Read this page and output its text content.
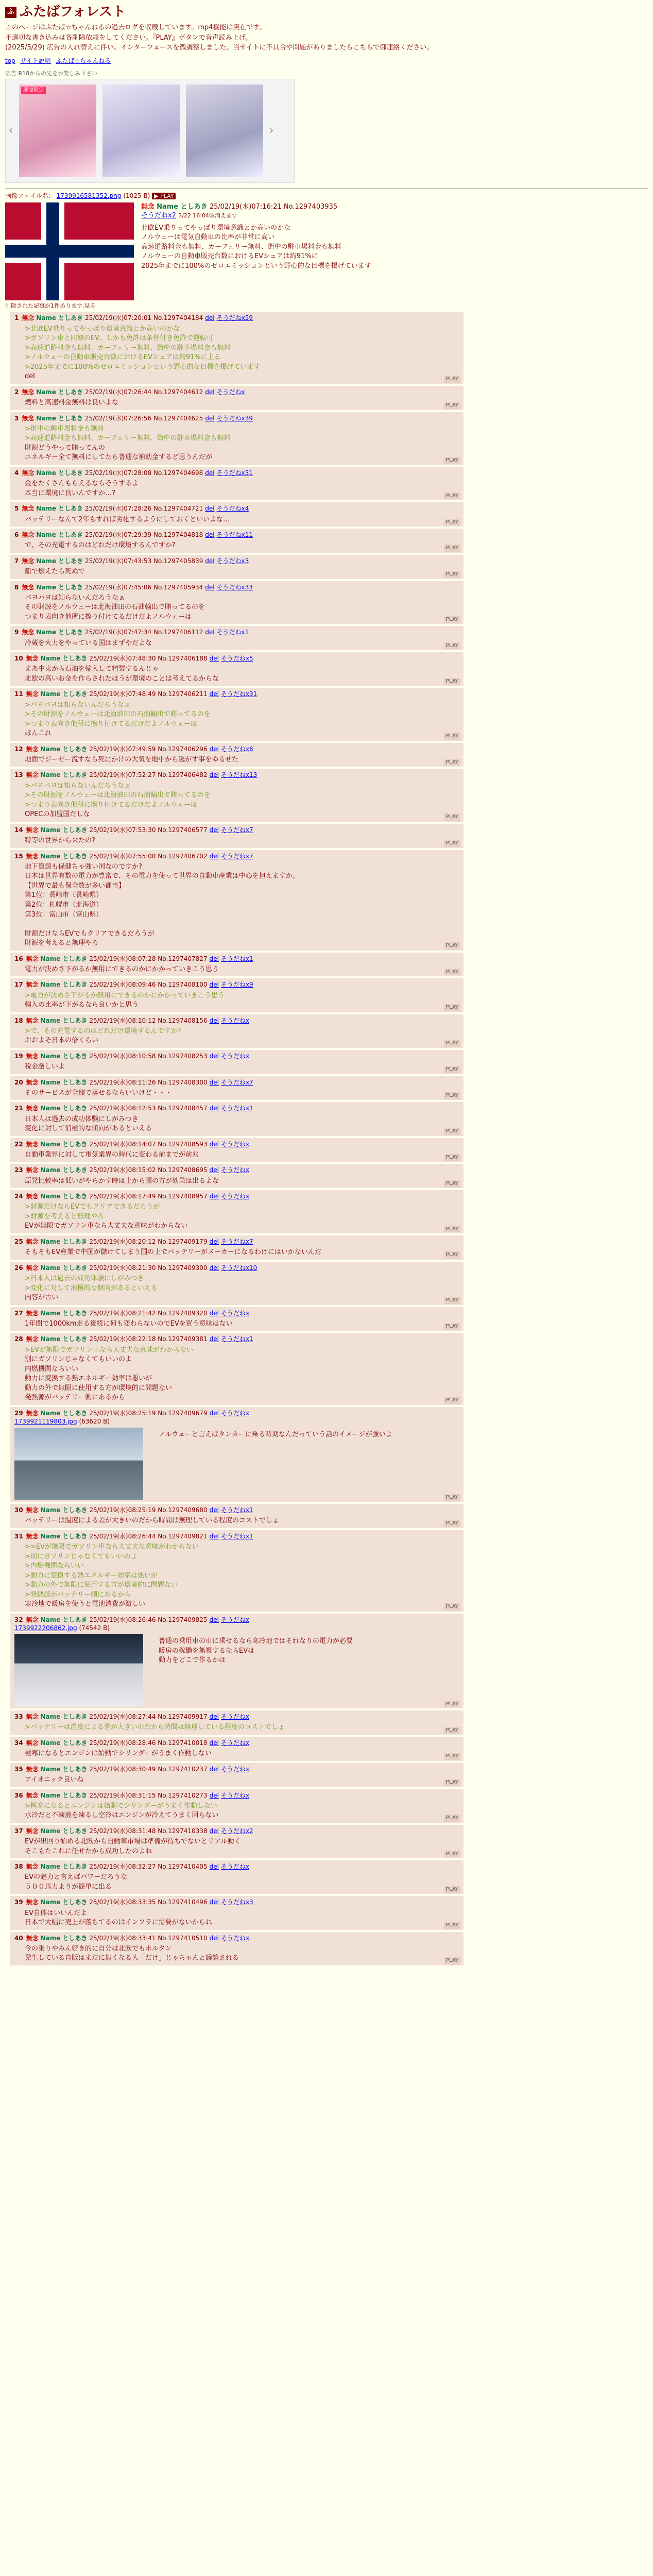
ふ ふたばフォレスト

このページはふたば☆ちゃんねるの過去ログを収蔵しています。mp4機能は実在です。

不適切な書き込みは各削除依頼をしてください。『PLAY』ボタンで音声読み上げ。

(2025/5/29) 広告の入れ替えに伴い、インターフェースを微調整しました。当サイトに不具合や問題がありましたらこちらで御連絡ください。

top サイト説明 ふたば☆ちゃんねる
広告 R18からの先をお楽しみ下さい
‹
期間限定
›
画像ファイル名： 1739916581352.png (1025 B) ▶ PLAY
無念 Name としあき 25/02/19(水)07:16:21 No.1297403935
そうだねx2 3/22 16:04頃消えます
北欧EV乗りってやっぱり環境意識とか高いのかな
ノルウェーは電気自動車の比率が非常に高い
高速道路料金も無料、カーフェリー無料、街中の駐車場料金も無料
ノルウェーの自動車販売台数におけるEVシェアは約91%に
2025年までに100%のゼロエミッションという野心的な目標を掲げています
削除された記事が1件あります.見る
1 無念 Name としあき 25/02/19(水)07:20:01 No.1297404184 del そうだねx59
>北欧EV乗りってやっぱり環境意識とか高いのかな
>ガソリン車と同額のEV、しかも免許は条件付き免許で運転可
>高速道路料金も無料、カーフェリー無料、街中の駐車場料金も無料
>ノルウェーの自動車販売台数におけるEVシェアは約91%に上る
>2025年までに100%のゼロエミッションという野心的な目標を掲げています
del	PLAY
2 無念 Name としあき 25/02/19(水)07:26:44 No.1297404612 del そうだねx
燃料と高速料金無料は良いよな	PLAY
3 無念 Name としあき 25/02/19(水)07:26:56 No.1297404625 del そうだねx39
>街中の駐車場料金も無料
>高速道路料金も無料、カーフェリー無料、街中の駐車場料金も無料
財源どうやって賄ってんの
エネルギー全て無料にしてたら普通な補助金するど思うんだが	PLAY
4 無念 Name としあき 25/02/19(水)07:28:08 No.1297404698 del そうだねx31
金をたくさんもらえるならそうするよ
本当に環境に良いんですか…?	PLAY
5 無念 Name としあき 25/02/19(水)07:28:26 No.1297404721 del そうだねx4
バッテリーなんて2年もすれば劣化するようにしておくといいよな…	PLAY
6 無念 Name としあき 25/02/19(水)07:29:39 No.1297404818 del そうだねx11
で、その充電するのはどれだけ環境するんですか?	PLAY
7 無念 Name としあき 25/02/19(水)07:43:53 No.1297405839 del そうだねx3
船で燃えたら死ぬで	PLAY
8 無念 Name としあき 25/02/19(水)07:45:06 No.1297405934 del そうだねx33
パヨパヨは知らないんだろうなぁ
その財源をノルウェーは北海油田の石油輸出で賄ってるのを
つまり表向き他所に擦り付けてるだけだよノルウェーは	PLAY
9 無念 Name としあき 25/02/19(水)07:47:34 No.1297406112 del そうだねx1
冷蔵を火力をやっている国はまずやだよな	PLAY
10 無念 Name としあき 25/02/19(水)07:48:30 No.1297406188 del そうだねx5
まあ中東から石油を輸入して精製するんじゃ
北欧の高いお金を作らされたほうが環境のことは考えてるからな	PLAY
11 無念 Name としあき 25/02/19(水)07:48:49 No.1297406211 del そうだねx31
>パヨパヨは知らないんだろうなぁ
>その財源をノルウェーは北海油田の石油輸出で賄ってるのを
>つまり表向き他所に擦り付けてるだけだよノルウェーは
ほんこれ	PLAY
12 無念 Name としあき 25/02/19(水)07:49:59 No.1297406296 del そうだねx6
地面でジーゼー流すなら死にかけの大気を地中から逃がす事をゆるせた	PLAY
13 無念 Name としあき 25/02/19(水)07:52:27 No.1297406482 del そうだねx13
>パヨパヨは知らないんだろうなぁ
>その財源をノルウェーは北海油田の石油輸出で賄ってるのを
>つまり表向き他所に擦り付けてるだけだよノルウェーは
OPECの加盟国だしな	PLAY
14 無念 Name としあき 25/02/19(水)07:53:30 No.1297406577 del そうだねx7
特等の世界から来たの?	PLAY
15 無念 Name としあき 25/02/19(水)07:55:00 No.1297406702 del そうだねx7
地下資源も保健ちゃ強い国なのですか?
日本は世界有数の電力が豊富で、その電力を使って世界の自動車産業は中心を担えますか。
【世界で最も保全数が多い都市】
第1位：長崎市（長崎県）
第2位：札幌市（北海道）
第3位：富山市（富山県）

財源だけならEVでもクリアできるだろうが
財源を考えると無理やろ	PLAY
16 無念 Name としあき 25/02/19(水)08:07:28 No.1297407827 del そうだねx1
電力が決めさ下がるか無用にできるのかにかかっていきこう思う	PLAY
17 無念 Name としあき 25/02/19(水)08:09:46 No.1297408100 del そうだねx9
>電力が決めさ下がるか無用にできるのかにかかっていきこう思う
輸入の比率が下がるなら良いかと思う	PLAY
18 無念 Name としあき 25/02/19(水)08:10:12 No.1297408156 del そうだねx
>で、その充電するのはどれだけ環境するんですか?
おおよそ日本の倍くらい	PLAY
19 無念 Name としあき 25/02/19(水)08:10:58 No.1297408253 del そうだねx
税金厳しいよ	PLAY
20 無念 Name としあき 25/02/19(水)08:11:26 No.1297408300 del そうだねx7
そのサービスが全額で落せるならいいけど・・・	PLAY
21 無念 Name としあき 25/02/19(水)08:12:53 No.1297408457 del そうだねx1
日本人は過去の成功体験にしがみつき
変化に対して消極的な傾向があるといえる	PLAY
22 無念 Name としあき 25/02/19(水)08:14:07 No.1297408593 del そうだねx
自動車業界に対して電気業界の時代に変わる前までが前兆	PLAY
23 無念 Name としあき 25/02/19(水)08:15:02 No.1297408695 del そうだねx
原発比較率は低いがやらかす時は上から順の方が効果は出るよな	PLAY
24 無念 Name としあき 25/02/19(水)08:17:49 No.1297408957 del そうだねx
>財源だけならEVでもクリアできるだろうが
>財源を考えると無理やろ
EVが無限でガソリン車なら大丈夫な意味がわからない	PLAY
25 無念 Name としあき 25/02/19(水)08:20:12 No.1297409179 del そうだねx7
そもそもEV産業で中国が儲けてしまう国の上でバッテリーがメーカーになるわけにはいかないんだ	PLAY
26 無念 Name としあき 25/02/19(水)08:21:30 No.1297409300 del そうだねx10
>日本人は過去の成功体験にしがみつき
>変化に対して消極的な傾向があるといえる
内容が古い	PLAY
27 無念 Name としあき 25/02/19(水)08:21:42 No.1297409320 del そうだねx
1年間で1000km走る後続に何も変わらないのでEVを買う意味はない	PLAY
28 無念 Name としあき 25/02/19(水)08:22:18 No.1297409381 del そうだねx1
>EVが無限でガソリン車なら大丈夫な意味がわからない
別にガソリンじゃなくてもいいのよ
内燃機関ならいい
動力に変換する熱エネルギー効率は悪いが
動力の外で無限に使用する方が環境的に問題ない
発熱源がバッテリー側にあるから	PLAY
29 無念 Name としあき 25/02/19(水)08:25:19 No.1297409679 del そうだねx
1739921119803.jpg (63620 B)
ノルウェーと言えばタンカーに乗る時期なんだっていう話のイメージが強いよ
PLAY
30 無念 Name としあき 25/02/19(水)08:25:19 No.1297409680 del そうだねx1
バッテリーは温度による差が大きいのだから時間は無理している程度のコストでしょ	PLAY
31 無念 Name としあき 25/02/19(水)08:26:44 No.1297409821 del そうだねx1
>>EVが無限でガソリン車なら大丈夫な意味がわからない
>別にガソリンじゃなくてもいいのよ
>内燃機関ならいい
>動力に変換する熱エネルギー効率は悪いが
>動力の外で無限に使用する方が環境的に問題ない
>発熱源がバッテリー側にあるから
寒冷地で暖房を使うと電池消費が激しい	PLAY
32 無念 Name としあき 25/02/19(水)08:26:46 No.1297409825 del そうだねx
1739922206862.jpg (74542 B)
普通の乗用車の車に乗せるなら寒冷地ではそれなりの電力が必要
暖房の稼働を無視するならEVは
動力をどこで作るかは
PLAY
33 無念 Name としあき 25/02/19(水)08:27:44 No.1297409917 del そうだねx
>バッテリーは温度による差が大きいのだから時間は無理している程度のコストでしょ	PLAY
34 無念 Name としあき 25/02/19(水)08:28:46 No.1297410018 del そうだねx
極寒になるとエンジンは始動でシリンダーがうまく作動しない	PLAY
35 無念 Name としあき 25/02/19(水)08:30:49 No.1297410237 del そうだねx
アイオニック良いね	PLAY
36 無念 Name としあき 25/02/19(水)08:31:15 No.1297410273 del そうだねx
>極寒になるとエンジンは始動でシリンダーがうまく作動しない
水冷だと不凍液を凍るし空冷はエンジンが冷えてうまく回らない	PLAY
37 無念 Name としあき 25/02/19(水)08:31:48 No.1297410338 del そうだねx2
EVが出回り始める北欧から自動車市場は準備が待ちでないとリアル動く
そこもたこれに任せたから成功したのよね	PLAY
38 無念 Name としあき 25/02/19(水)08:32:27 No.1297410405 del そうだねx
EVの魅力と言えばパワーだろうな
５００馬力よりが簡単に出る	PLAY
39 無念 Name としあき 25/02/19(水)08:33:35 No.1297410496 del そうだねx3
EV自体はいいんだよ
日本で大幅に売上が落ちてるのはインフラに需要がないからね	PLAY
40 無念 Name としあき 25/02/19(水)08:33:41 No.1297410510 del そうだねx
今の乗りやみん好き的に自分は北欧でもホルタン
発生している自販はまだに無くなる人「だけ」じゃちゃんと議論される	PLAY
